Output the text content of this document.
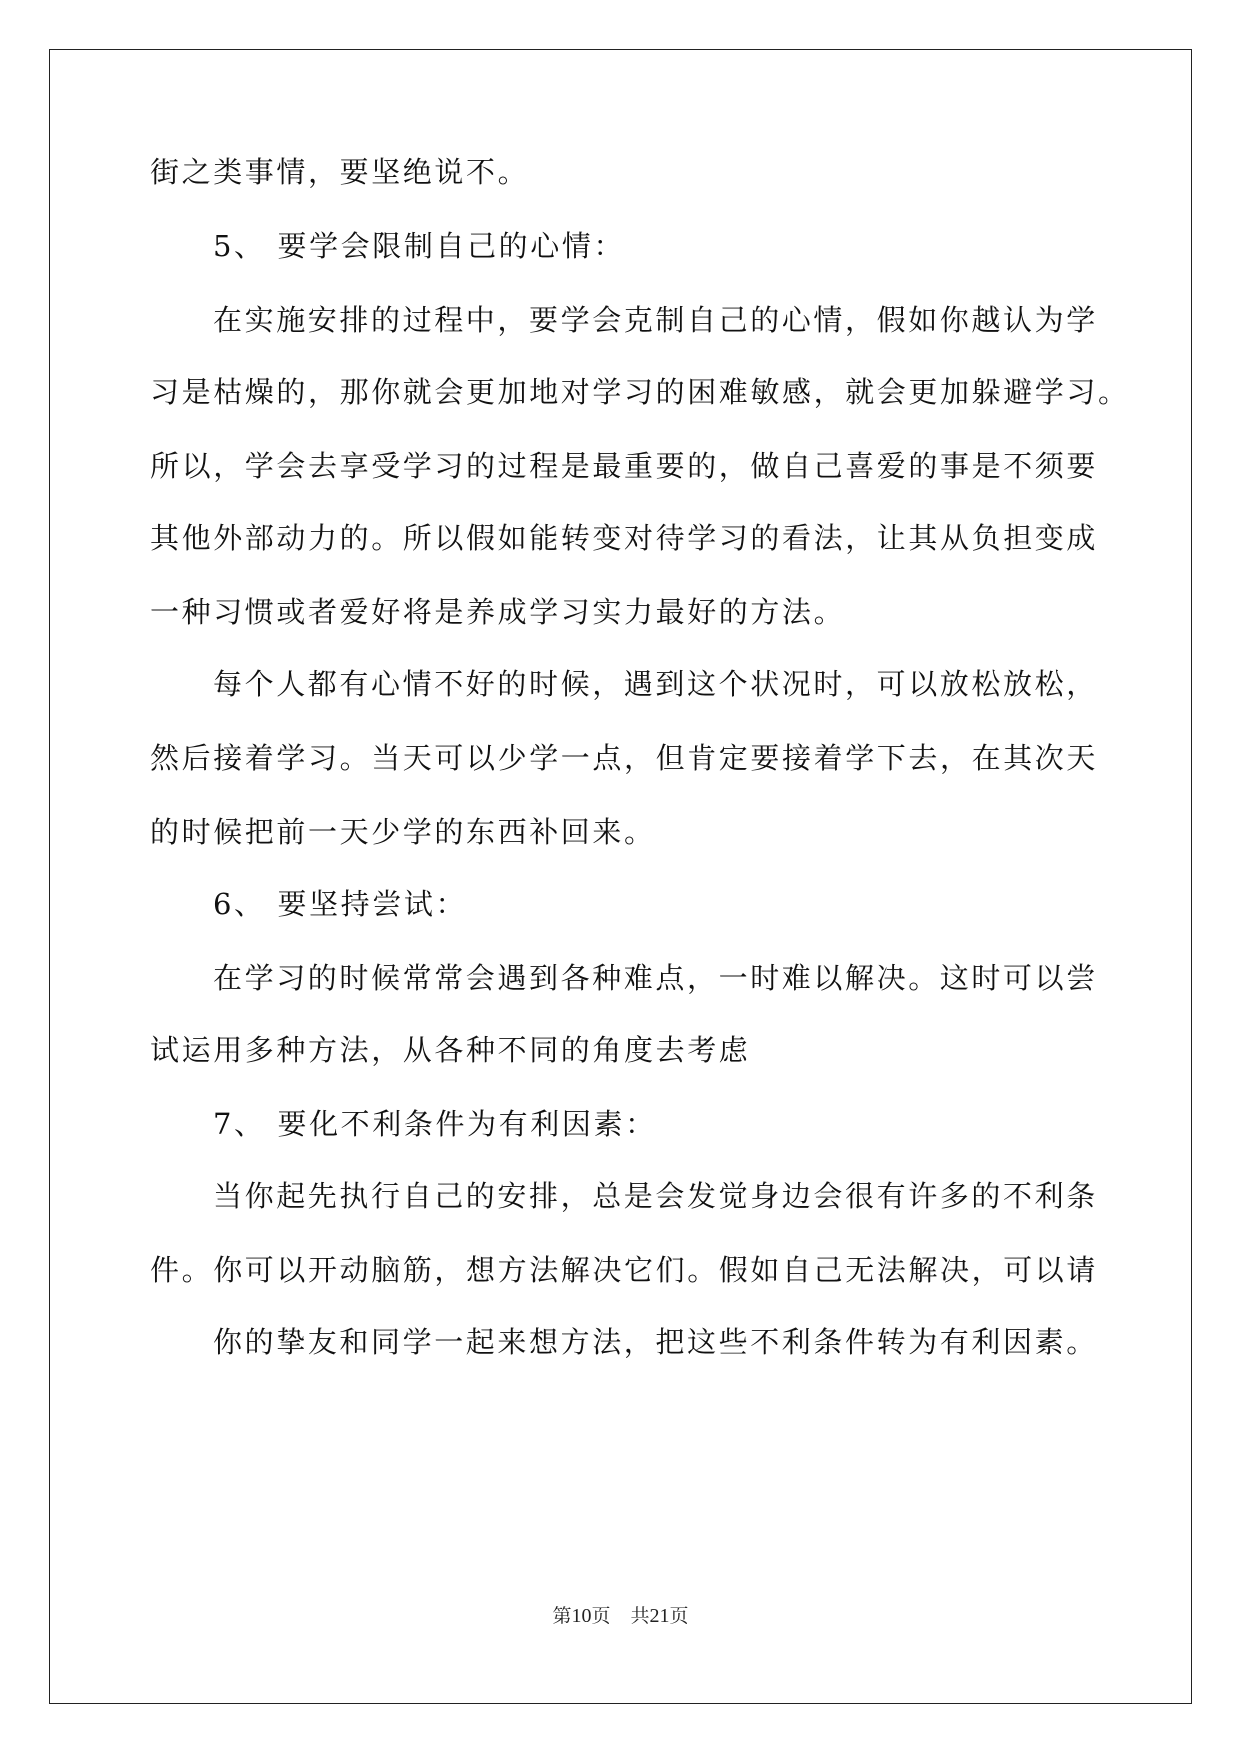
街之类事情，要坚绝说不。

5、 要学会限制自己的心情：

在实施安排的过程中，要学会克制自己的心情，假如你越认为学

习是枯燥的，那你就会更加地对学习的困难敏感，就会更加躲避学习。

所以，学会去享受学习的过程是最重要的，做自己喜爱的事是不须要

其他外部动力的。所以假如能转变对待学习的看法，让其从负担变成

一种习惯或者爱好将是养成学习实力最好的方法。

每个人都有心情不好的时候，遇到这个状况时，可以放松放松，

然后接着学习。当天可以少学一点，但肯定要接着学下去，在其次天

的时候把前一天少学的东西补回来。

6、 要坚持尝试：

在学习的时候常常会遇到各种难点，一时难以解决。这时可以尝

试运用多种方法，从各种不同的角度去考虑

7、 要化不利条件为有利因素：

当你起先执行自己的安排，总是会发觉身边会很有许多的不利条

件。你可以开动脑筋，想方法解决它们。假如自己无法解决，可以请

你的挚友和同学一起来想方法，把这些不利条件转为有利因素。

第10页 共21页
